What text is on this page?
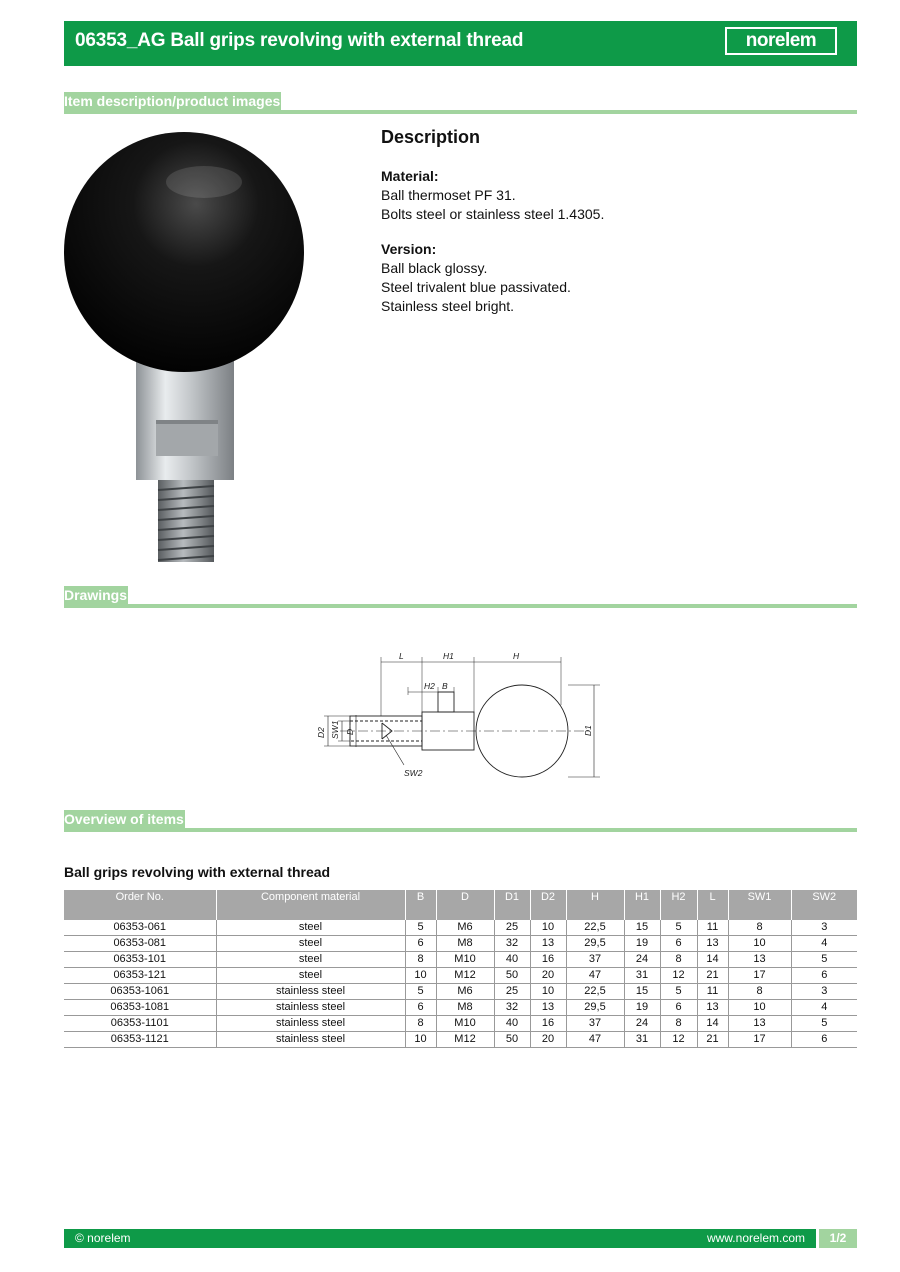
06353_AG Ball grips revolving with external thread	norelem
Item description/product images
Description
Material:
Ball thermoset PF 31.
Bolts steel or stainless steel 1.4305.
Version:
Ball black glossy.
Steel trivalent blue passivated.
Stainless steel bright.
Drawings
L	H1	H
H2 B
SW2
D2 SW1 D	D1
Overview of items
Ball grips revolving with external thread
Order No.	Component material	B	D	D1	D2	H	H1	H2	L	SW1	SW2
06353-061	steel	5	M6	25	10	22,5	15	5	11	8	3
06353-081	steel	6	M8	32	13	29,5	19	6	13	10	4
06353-101	steel	8	M10	40	16	37	24	8	14	13	5
06353-121	steel	10	M12	50	20	47	31	12	21	17	6
06353-1061	stainless steel	5	M6	25	10	22,5	15	5	11	8	3
06353-1081	stainless steel	6	M8	32	13	29,5	19	6	13	10	4
06353-1101	stainless steel	8	M10	40	16	37	24	8	14	13	5
06353-1121	stainless steel	10	M12	50	20	47	31	12	21	17	6
© norelem	www.norelem.com	1/2
